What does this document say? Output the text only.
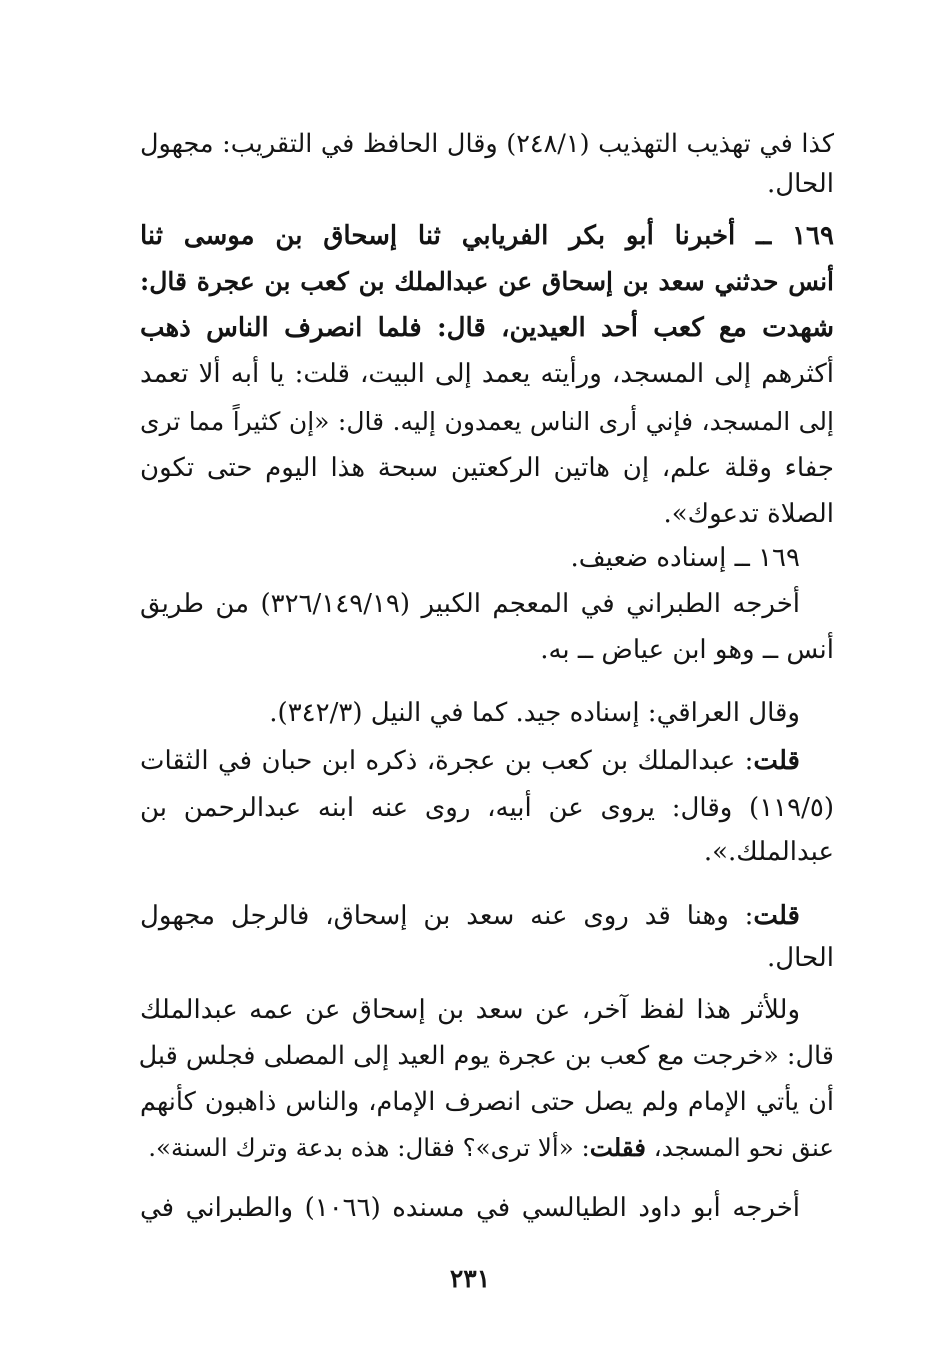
كذا في تهذيب التهذيب (٢٤٨/١) وقال الحافظ في التقريب: مجهول
الحال.
١٦٩ ــ أخبرنا أبو بكر الفريابي ثنا إسحاق بن موسى ثنا
أنس حدثني سعد بن إسحاق عن عبدالملك بن كعب بن عجرة قال:
شهدت مع كعب أحد العيدين، قال: فلما انصرف الناس ذهب
أكثرهم إلى المسجد، ورأيته يعمد إلى البيت، قلت: يا أبه ألا تعمد
إلى المسجد، فإني أرى الناس يعمدون إليه. قال: «إن كثيراً مما ترى
جفاء وقلة علم، إن هاتين الركعتين سبحة هذا اليوم حتى تكون
الصلاة تدعوك».
١٦٩ ــ إسناده ضعيف.
أخرجه الطبراني في المعجم الكبير (٣٢٦/١٤٩/١٩) من طريق
أنس ــ وهو ابن عياض ــ به.
وقال العراقي: إسناده جيد. كما في النيل (٣٤٢/٣).
قلت: عبدالملك بن كعب بن عجرة، ذكره ابن حبان في الثقات
(١١٩/٥) وقال: يروى عن أبيه، روى عنه ابنه عبدالرحمن بن
عبدالملك.».
قلت: وهنا قد روى عنه سعد بن إسحاق، فالرجل مجهول
الحال.
وللأثر هذا لفظ آخر، عن سعد بن إسحاق عن عمه عبدالملك
قال: «خرجت مع كعب بن عجرة يوم العيد إلى المصلى فجلس قبل
أن يأتي الإمام ولم يصل حتى انصرف الإمام، والناس ذاهبون كأنهم
عنق نحو المسجد، فقلت: «ألا ترى»؟ فقال: هذه بدعة وترك السنة».
أخرجه أبو داود الطيالسي في مسنده (١٠٦٦) والطبراني في
٢٣١
